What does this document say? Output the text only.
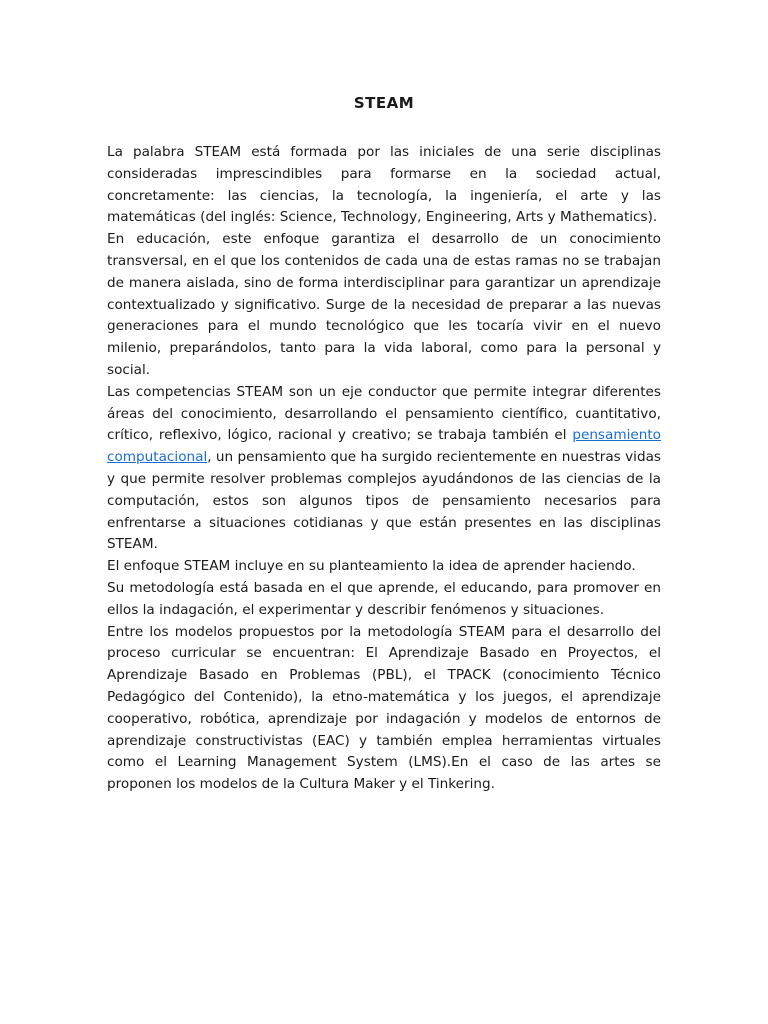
STEAM

La palabra STEAM está formada por las iniciales de una serie disciplinas consideradas imprescindibles para formarse en la sociedad actual, concretamente: las ciencias, la tecnología, la ingeniería, el arte y las matemáticas (del inglés: Science, Technology, Engineering, Arts y Mathematics).

En educación, este enfoque garantiza el desarrollo de un conocimiento transversal, en el que los contenidos de cada una de estas ramas no se trabajan de manera aislada, sino de forma interdisciplinar para garantizar un aprendizaje contextualizado y significativo. Surge de la necesidad de preparar a las nuevas generaciones para el mundo tecnológico que les tocaría vivir en el nuevo milenio, preparándolos, tanto para la vida laboral, como para la personal y social.

Las competencias STEAM son un eje conductor que permite integrar diferentes áreas del conocimiento, desarrollando el pensamiento científico, cuantitativo, crítico, reflexivo, lógico, racional y creativo; se trabaja también el pensamiento computacional, un pensamiento que ha surgido recientemente en nuestras vidas y que permite resolver problemas complejos ayudándonos de las ciencias de la computación, estos son algunos tipos de pensamiento necesarios para enfrentarse a situaciones cotidianas y que están presentes en las disciplinas STEAM.

El enfoque STEAM incluye en su planteamiento la idea de aprender haciendo.

Su metodología está basada en el que aprende, el educando, para promover en ellos la indagación, el experimentar y describir fenómenos y situaciones.

Entre los modelos propuestos por la metodología STEAM para el desarrollo del proceso curricular se encuentran: El Aprendizaje Basado en Proyectos, el Aprendizaje Basado en Problemas (PBL), el TPACK (conocimiento Técnico Pedagógico del Contenido), la etno-matemática y los juegos, el aprendizaje cooperativo, robótica, aprendizaje por indagación y modelos de entornos de aprendizaje constructivistas (EAC) y también emplea herramientas virtuales como el Learning Management System (LMS).En el caso de las artes se proponen los modelos de la Cultura Maker y el Tinkering.
